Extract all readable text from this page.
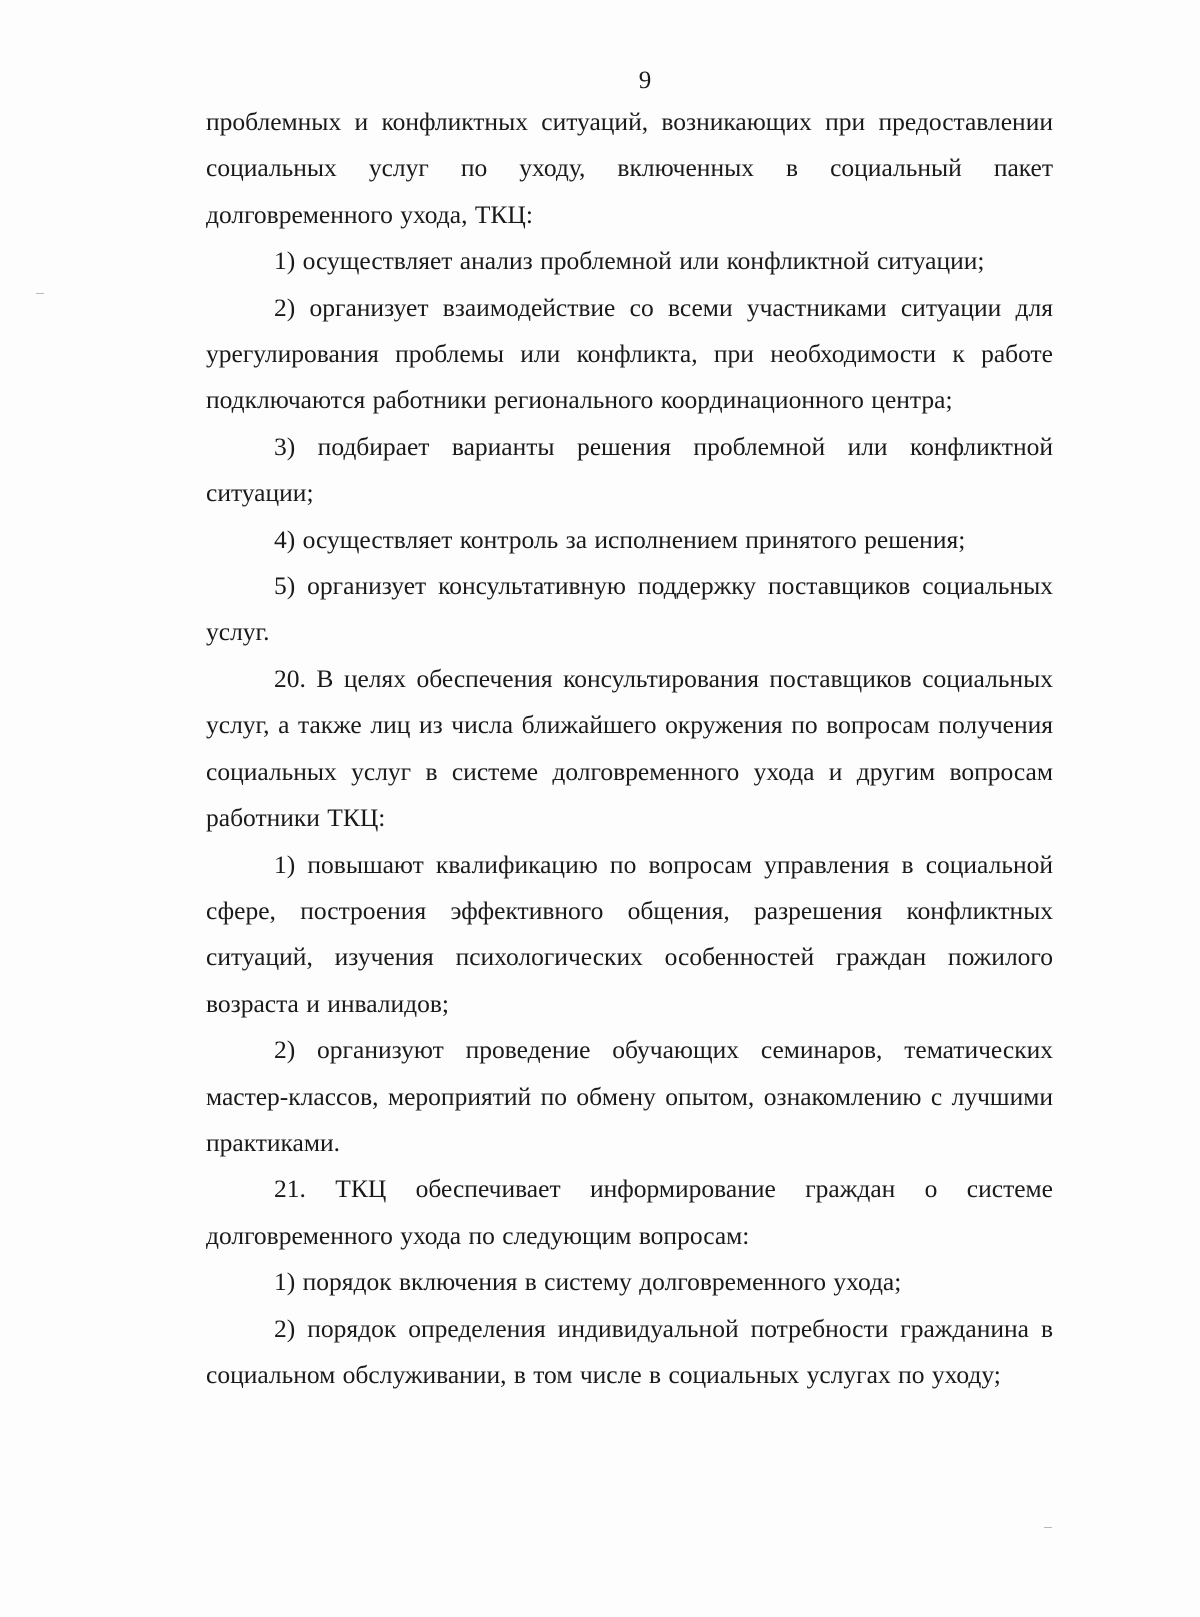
9

проблемных и конфликтных ситуаций, возникающих при предоставлении социальных услуг по уходу, включенных в социальный пакет долговременного ухода, ТКЦ:

1) осуществляет анализ проблемной или конфликтной ситуации;

2) организует взаимодействие со всеми участниками ситуации для урегулирования проблемы или конфликта, при необходимости к работе подключаются работники регионального координационного центра;

3) подбирает варианты решения проблемной или конфликтной ситуации;

4) осуществляет контроль за исполнением принятого решения;

5) организует консультативную поддержку поставщиков социальных услуг.

20. В целях обеспечения консультирования поставщиков социальных услуг, а также лиц из числа ближайшего окружения по вопросам получения социальных услуг в системе долговременного ухода и другим вопросам работники ТКЦ:

1) повышают квалификацию по вопросам управления в социальной сфере, построения эффективного общения, разрешения конфликтных ситуаций, изучения психологических особенностей граждан пожилого возраста и инвалидов;

2) организуют проведение обучающих семинаров, тематических мастер-классов, мероприятий по обмену опытом, ознакомлению с лучшими практиками.

21. ТКЦ обеспечивает информирование граждан о системе долговременного ухода по следующим вопросам:

1) порядок включения в систему долговременного ухода;

2) порядок определения индивидуальной потребности гражданина в социальном обслуживании, в том числе в социальных услугах по уходу;
